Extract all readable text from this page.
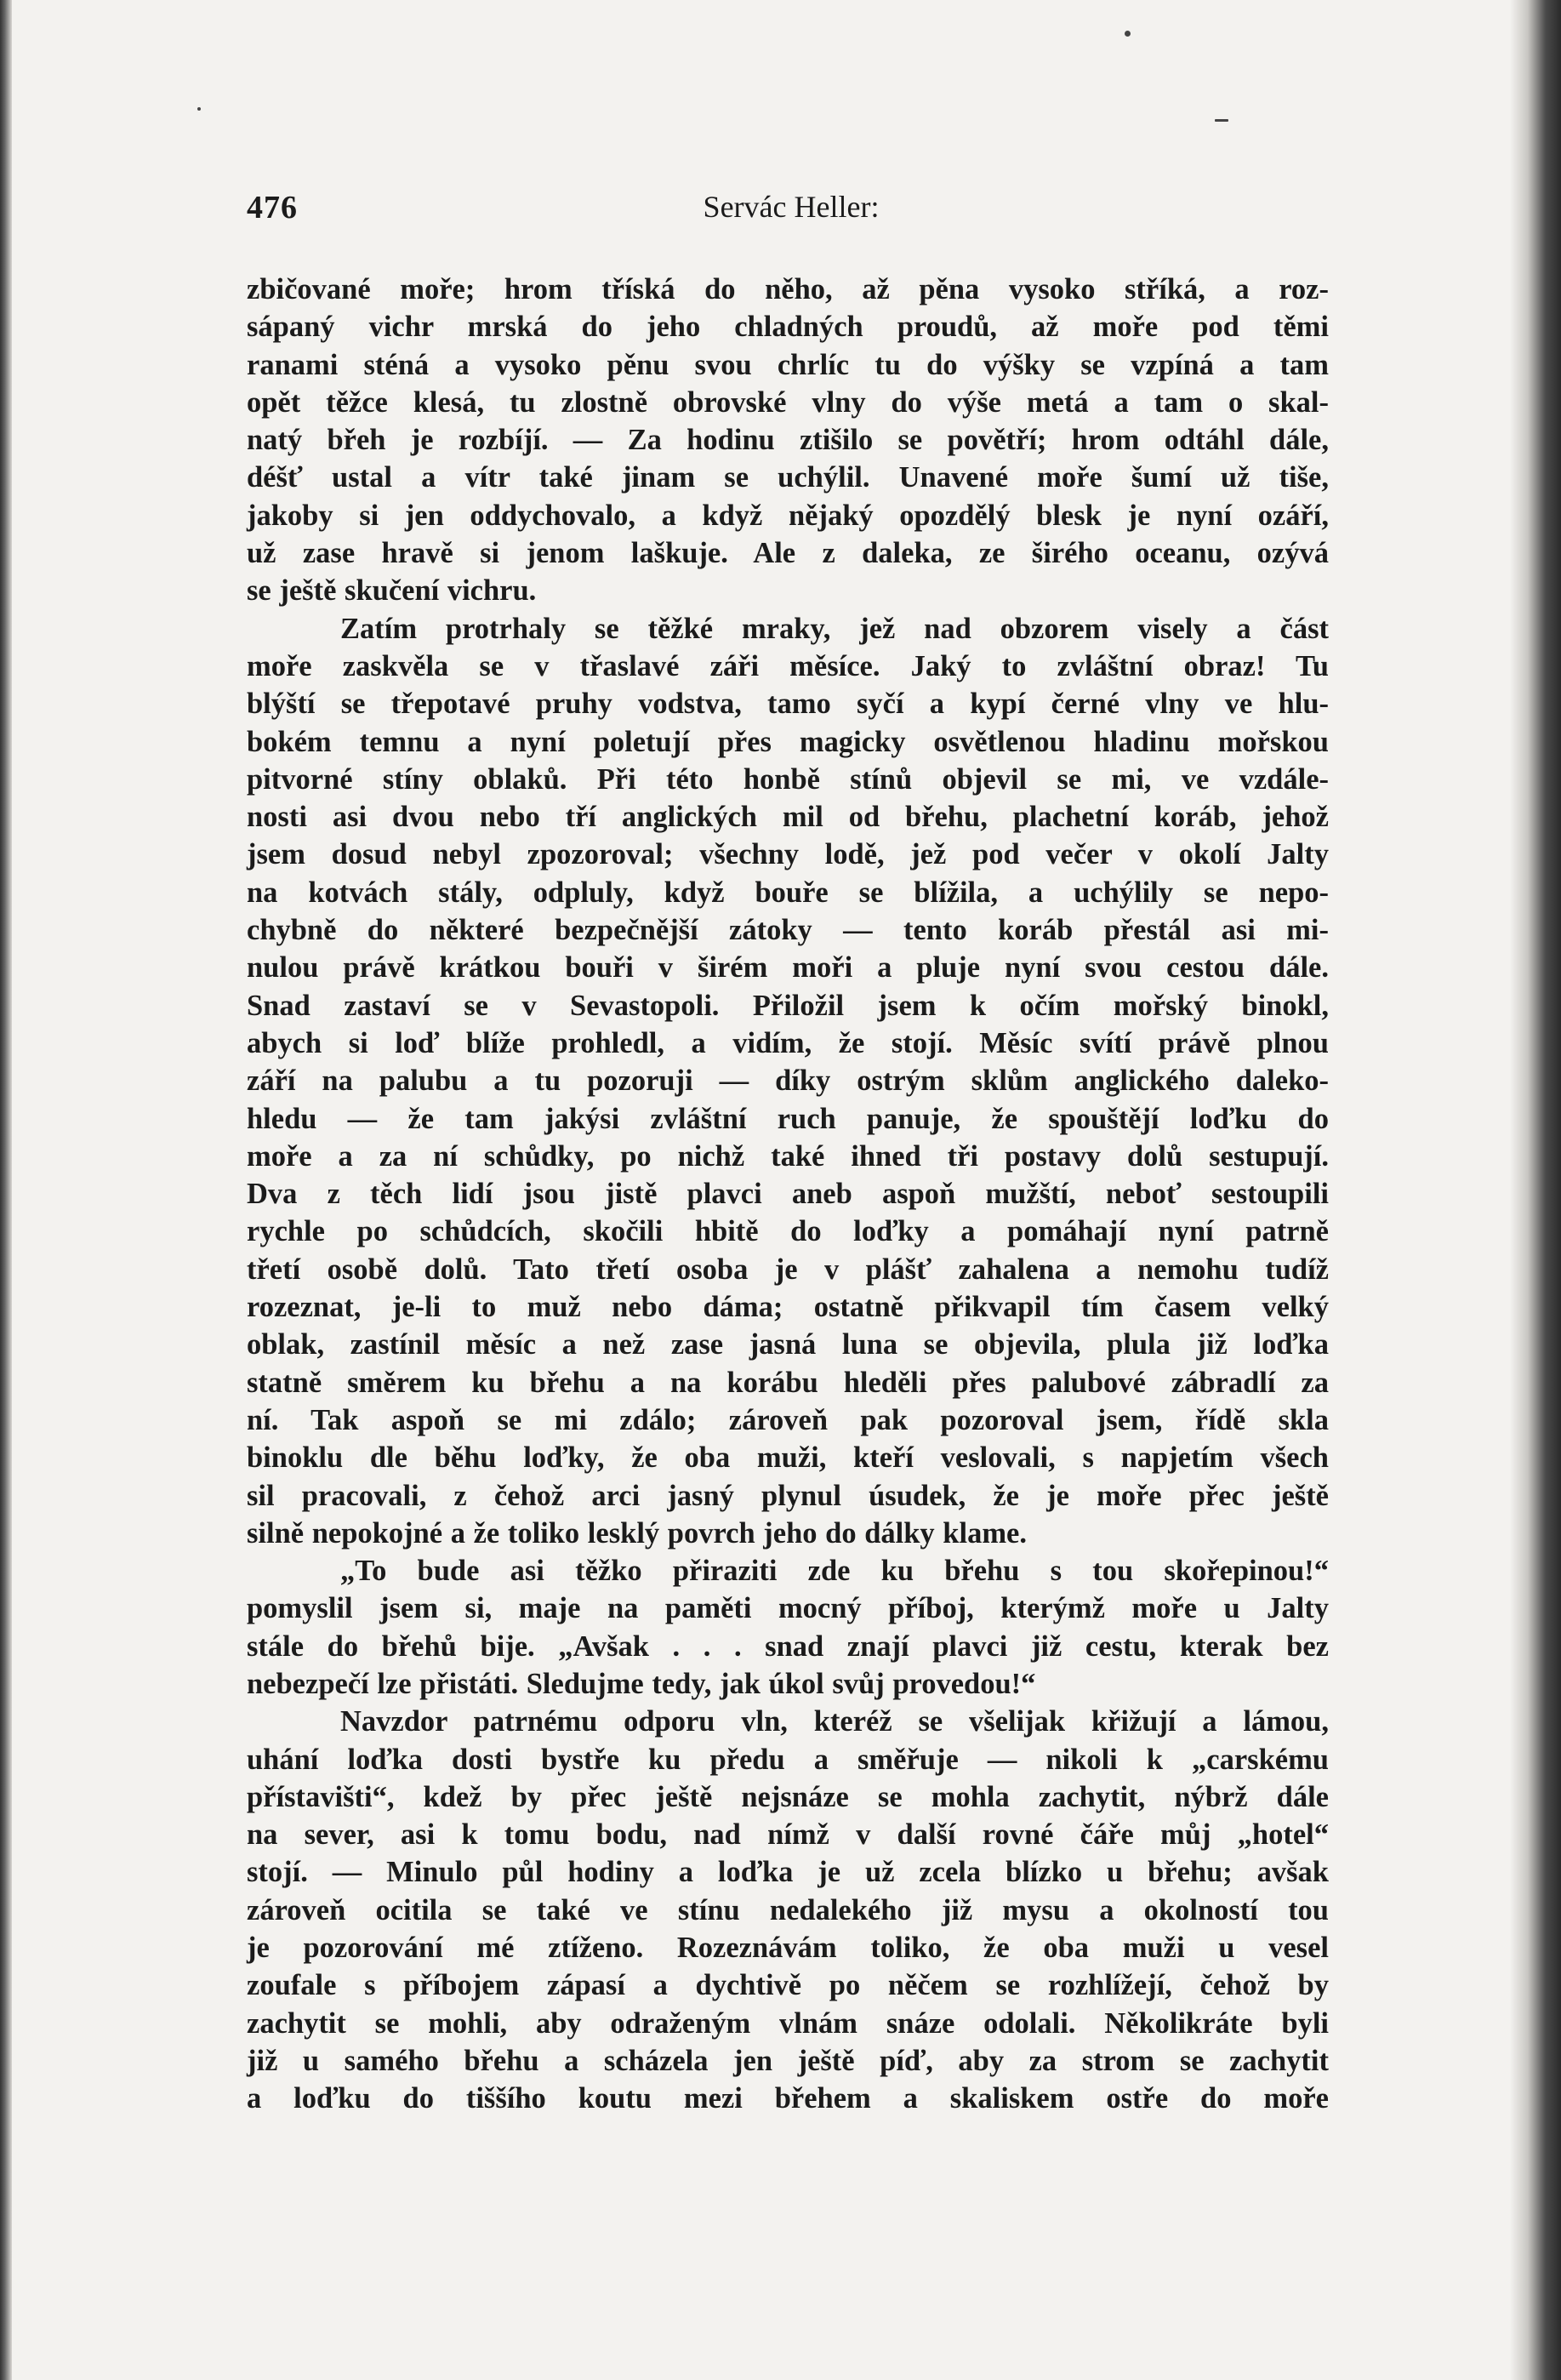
476	Servác Heller:
zbičované moře; hrom tříská do něho, až pěna vysoko stříká, a roz-
sápaný vichr mrská do jeho chladných proudů, až moře pod těmi
ranami sténá a vysoko pěnu svou chrlíc tu do výšky se vzpíná a tam
opět těžce klesá, tu zlostně obrovské vlny do výše metá a tam o skal-
natý břeh je rozbíjí. — Za hodinu ztišilo se povětří; hrom odtáhl dále,
déšť ustal a vítr také jinam se uchýlil. Unavené moře šumí už tiše,
jakoby si jen oddychovalo, a když nějaký opozdělý blesk je nyní ozáří,
už zase hravě si jenom laškuje. Ale z daleka, ze širého oceanu, ozývá
se ještě skučení vichru.
Zatím protrhaly se těžké mraky, jež nad obzorem visely a část
moře zaskvěla se v třaslavé záři měsíce. Jaký to zvláštní obraz! Tu
blýští se třepotavé pruhy vodstva, tamo syčí a kypí černé vlny ve hlu-
bokém temnu a nyní poletují přes magicky osvětlenou hladinu mořskou
pitvorné stíny oblaků. Při této honbě stínů objevil se mi, ve vzdále-
nosti asi dvou nebo tří anglických mil od břehu, plachetní koráb, jehož
jsem dosud nebyl zpozoroval; všechny lodě, jež pod večer v okolí Jalty
na kotvách stály, odpluly, když bouře se blížila, a uchýlily se nepo-
chybně do některé bezpečnější zátoky — tento koráb přestál asi mi-
nulou právě krátkou bouři v širém moři a pluje nyní svou cestou dále.
Snad zastaví se v Sevastopoli. Přiložil jsem k očím mořský binokl,
abych si loď blíže prohledl, a vidím, že stojí. Měsíc svítí právě plnou
září na palubu a tu pozoruji — díky ostrým sklům anglického daleko-
hledu — že tam jakýsi zvláštní ruch panuje, že spouštějí loďku do
moře a za ní schůdky, po nichž také ihned tři postavy dolů sestupují.
Dva z těch lidí jsou jistě plavci aneb aspoň mužští, neboť sestoupili
rychle po schůdcích, skočili hbitě do loďky a pomáhají nyní patrně
třetí osobě dolů. Tato třetí osoba je v plášť zahalena a nemohu tudíž
rozeznat, je-li to muž nebo dáma; ostatně přikvapil tím časem velký
oblak, zastínil měsíc a než zase jasná luna se objevila, plula již loďka
statně směrem ku břehu a na korábu hleděli přes palubové zábradlí za
ní. Tak aspoň se mi zdálo; zároveň pak pozoroval jsem, řídě skla
binoklu dle běhu loďky, že oba muži, kteří veslovali, s napjetím všech
sil pracovali, z čehož arci jasný plynul úsudek, že je moře přec ještě
silně nepokojné a že toliko lesklý povrch jeho do dálky klame.
„To bude asi těžko přiraziti zde ku břehu s tou skořepinou!“
pomyslil jsem si, maje na paměti mocný příboj, kterýmž moře u Jalty
stále do břehů bije. „Avšak . . . snad znají plavci již cestu, kterak bez
nebezpečí lze přistáti. Sledujme tedy, jak úkol svůj provedou!“
Navzdor patrnému odporu vln, kteréž se všelijak křižují a lámou,
uhání loďka dosti bystře ku předu a směřuje — nikoli k „carskému
přístavišti“, kdež by přec ještě nejsnáze se mohla zachytit, nýbrž dále
na sever, asi k tomu bodu, nad nímž v další rovné čáře můj „hotel“
stojí. — Minulo půl hodiny a loďka je už zcela blízko u břehu; avšak
zároveň ocitila se také ve stínu nedalekého již mysu a okolností tou
je pozorování mé ztíženo. Rozeznávám toliko, že oba muži u vesel
zoufale s příbojem zápasí a dychtivě po něčem se rozhlížejí, čehož by
zachytit se mohli, aby odraženým vlnám snáze odolali. Několikráte byli
již u samého břehu a scházela jen ještě píď, aby za strom se zachytit
a loďku do tiššího koutu mezi břehem a skaliskem ostře do moře
